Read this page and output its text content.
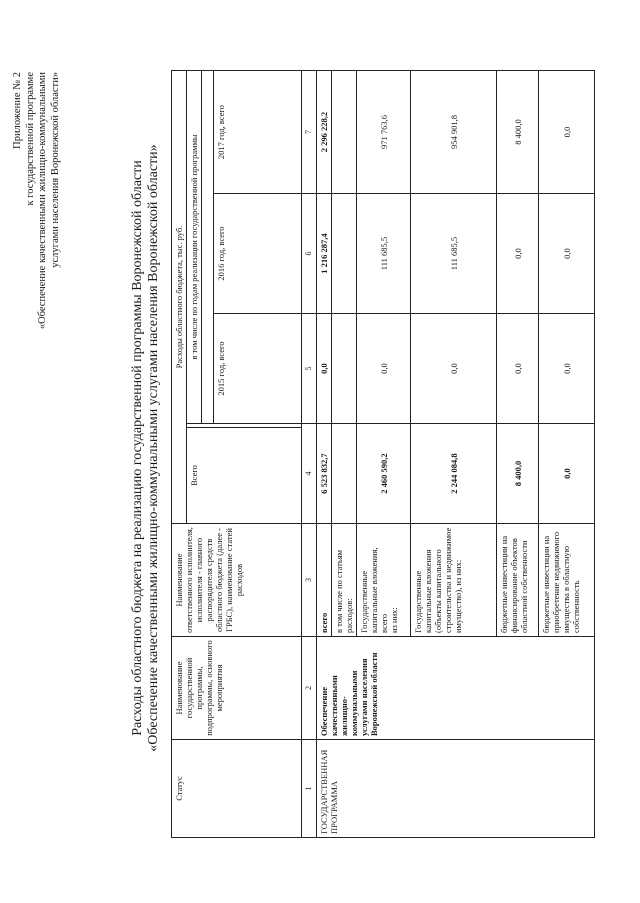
Приложение № 2 к государственной программе «Обеспечение качественными жилищно-коммунальными услугами населения Воронежской области»	Расходы областного бюджета на реализацию государственной программы Воронежской области «Обеспечение качественными жилищно-коммунальными услугами населения Воронежской области»
Статус	Наименование государственной программы, подпрограммы, основного мероприятия	Наименование ответственного исполнителя, исполнителя - главного распорядителя средств областного бюджета (далее - ГРБС), наименование статей расходов	Расходы областного бюджета, тыс. руб.				
			Всего		в том числе по годам реализации государственной программы		

					2015 год, всего	2016 год, всего	2017 год, всего
1	2	3	4		5	6	7
ГОСУДАРСТВЕННАЯ ПРОГРАММА	Обеспечение качественными жилищно-коммунальными услугами населения Воронежской области	всего	6 523 832,7		0,0	1 216 287,4	2 296 228,2
		в том числе по статьям расходов:					

		Государственные капитальные вложения, всего из них:	2 460 590,2		0,0	111 685,5	971 763,6
		Государственные капитальные вложения (объекты капитального строительства и недвижимое имущество), из них:	2 244 084,8		0,0	111 685,5	954 901,8
		бюджетные инвестиции на финансирование объектов областной собственности	8 400,0		0,0	0,0	8 400,0
		бюджетные инвестиции на приобретение недвижимого имущества в областную собственность	0,0		0,0	0,0	0,0
